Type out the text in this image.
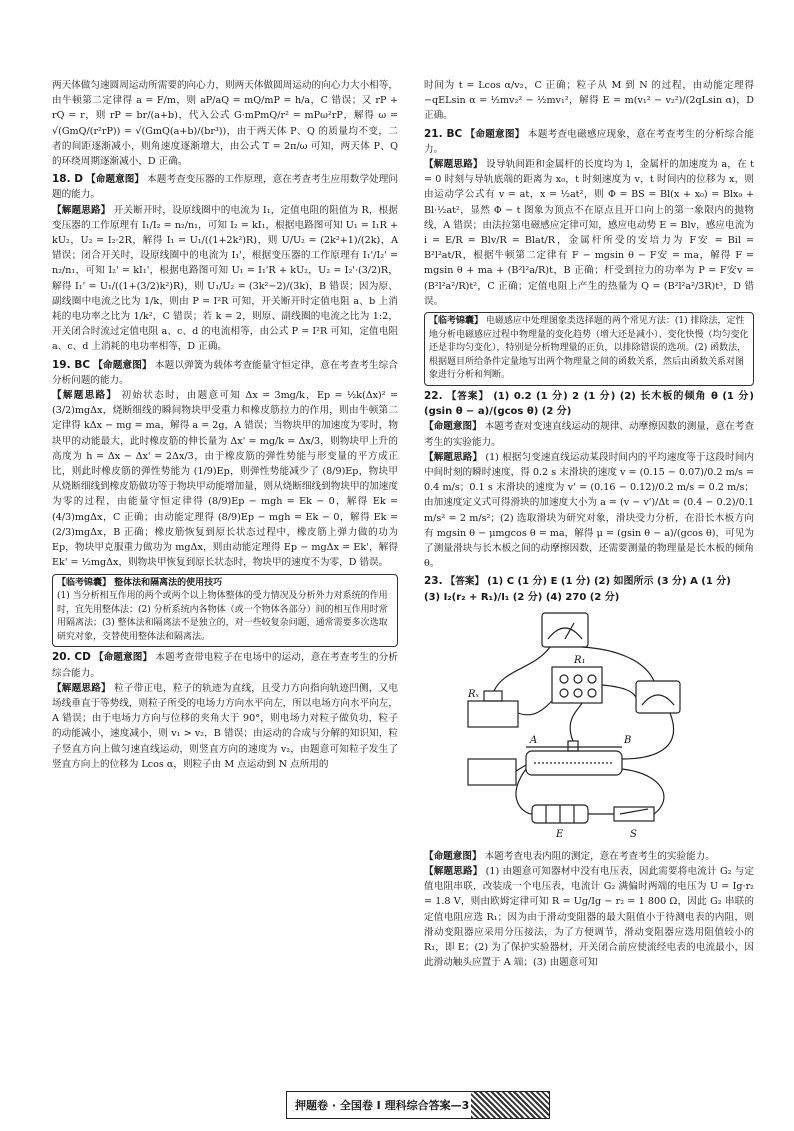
两天体做匀速圆周运动所需要的向心力，则两天体做圆周运动的向心力大小相等，由牛顿第二定律得 a = F/m，则 aP/aQ = mQ/mP = h/a，C 错误；又 rP + rQ = r，则 rP = br/(a+b)，代入公式 G·mPmQ/r² = mPω²rP，解得 ω = √(GmQ/(r²rP)) = √(GmQ(a+b)/(br³))，由于两天体 P、Q 的质量均不变，二者的间距逐渐减小，则角速度逐渐增大，由公式 T = 2π/ω 可知，两天体 P、Q 的环绕周期逐渐减小，D 正确。

18. D 【命题意图】 本题考查变压器的工作原理，意在考查考生应用数学处理问题的能力。

【解题思路】 开关断开时，设原线圈中的电流为 I₁，定值电阻的阻值为 R，根据变压器的工作原理有 I₁/I₂ = n₂/n₁，可知 I₂ = kI₁，根据电路图可知 U₁ = I₁R + kU₂，U₂ = I₂·2R，解得 I₁ = U₁/((1+2k²)R)，则 U/U₂ = (2k²+1)/(2k)，A 错误；闭合开关时，设原线圈中的电流为 I₁'，根据变压器的工作原理有 I₁'/I₂' = n₂/n₁，可知 I₂' = kI₁'，根据电路图可知 U₁ = I₁'R + kU₂，U₂ = I₂'·(3/2)R，解得 I₁' = U₁/((1+(3/2)k²)R)，则 U₁/U₂ = (3k²−2)/(3k)，B 错误；因为原、副线圈中电流之比为 1/k，则由 P = I²R 可知，开关断开时定值电阻 a、b 上消耗的电功率之比为 1/k²，C 错误；若 k = 2，则原、副线圈的电流之比为 1:2，开关闭合时流过定值电阻 a、c、d 的电流相等，由公式 P = I²R 可知，定值电阻 a、c、d 上消耗的电功率相等，D 正确。

19. BC 【命题意图】 本题以弹簧为载体考查能量守恒定律，意在考查考生综合分析问题的能力。

【解题思路】 初始状态时，由题意可知 Δx = 3mg/k，Ep = ½k(Δx)² = (3/2)mgΔx，烧断细线的瞬间物块甲受重力和橡皮筋拉力的作用，则由牛顿第二定律得 kΔx − mg = ma，解得 a = 2g，A 错误；当物块甲的加速度为零时，物块甲的动能最大，此时橡皮筋的伸长量为 Δx' = mg/k = Δx/3，则物块甲上升的高度为 h = Δx − Δx' = 2Δx/3，由于橡皮筋的弹性势能与形变量的平方成正比，则此时橡皮筋的弹性势能为 (1/9)Ep，则弹性势能减少了 (8/9)Ep，物块甲从烧断细线到橡皮筋做功等于物块甲动能增加量，则从烧断细线到物块甲的加速度为零的过程，由能量守恒定律得 (8/9)Ep − mgh = Ek − 0，解得 Ek = (4/3)mgΔx，C 正确；由动能定理得 (8/9)Ep − mgh = Ek − 0，解得 Ek = (2/3)mgΔx，B 正确；橡皮筋恢复到原长状态过程中，橡皮筋上弹力做的功为 Ep，物块甲克服重力做功为 mgΔx，则由动能定理得 Ep − mgΔx = Ek'，解得 Ek' = ½mgΔx，则物块甲恢复到原长状态时，物块甲的速度不为零，D 错误。

【临考锦囊】 整体法和隔离法的使用技巧
(1) 当分析相互作用的两个或两个以上物体整体的受力情况及分析外力对系统的作用时，宜先用整体法；(2) 分析系统内各物体（或一个物体各部分）间的相互作用时常用隔离法；(3) 整体法和隔离法不是独立的，对一些较复杂问题，通常需要多次选取研究对象，交替使用整体法和隔离法。

20. CD 【命题意图】 本题考查带电粒子在电场中的运动，意在考查考生的分析综合能力。

【解题思路】 粒子带正电，粒子的轨迹为直线，且受力方向指向轨迹凹侧，又电场线垂直于等势线，则粒子所受的电场力方向水平向左，所以电场方向水平向左，A 错误；由于电场力方向与位移的夹角大于 90°，则电场力对粒子做负功，粒子的动能减小，速度减小，则 v₁ > v₂，B 错误；由运动的合成与分解的知识知，粒子竖直方向上做匀速直线运动，则竖直方向的速度为 v₂，由题意可知粒子发生了竖直方向上的位移为 Lcos α，则粒子由 M 点运动到 N 点所用的

时间为 t = Lcos α/v₂，C 正确；粒子从 M 到 N 的过程，由动能定理得 −qELsin α = ½mv₂² − ½mv₁²，解得 E = m(v₁² − v₂²)/(2qLsin α)，D 正确。

21. BC 【命题意图】 本题考查电磁感应现象，意在考查考生的分析综合能力。

【解题思路】 设导轨间距和金属杆的长度均为 l，金属杆的加速度为 a，在 t = 0 时刻与导轨底端的距离为 x₀，t 时刻速度为 v，t 时间内的位移为 x，则由运动学公式有 v = at，x = ½at²，则 Φ = BS = Bl(x + x₀) = Blx₀ + Bl·½at²，显然 Φ − t 图象为顶点不在原点且开口向上的第一象限内的抛物线，A 错误；由法拉第电磁感应定律可知，感应电动势 E = Blv，感应电流为 i = E/R = Blv/R = Blat/R，金属杆所受的安培力为 F安 = Bil = B²l²at/R，根据牛顿第二定律有 F − mgsin θ − F安 = ma，解得 F = mgsin θ + ma + (B²l²a/R)t，B 正确；杆受到拉力的功率为 P = F安v = (B²l²a²/R)t²，C 正确；定值电阻上产生的热量为 Q = (B²l²a²/3R)t³，D 错误。

【临考锦囊】 电磁感应中处理图象类选择题的两个常见方法：(1) 排除法，定性地分析电磁感应过程中物理量的变化趋势（增大还是减小）、变化快慢（均匀变化还是非均匀变化），特别是分析物理量的正负，以排除错误的选项。(2) 函数法，根据题目所给条件定量地写出两个物理量之间的函数关系，然后由函数关系对图象进行分析和判断。

22. 【答案】 (1) 0.2 (1 分) 2 (1 分) (2) 长木板的倾角 θ (1 分) (gsin θ − a)/(gcos θ) (2 分)

【命题意图】 本题考查对变速直线运动的规律、动摩擦因数的测量，意在考查考生的实验能力。

【解题思路】 (1) 根据匀变速直线运动某段时间内的平均速度等于这段时间内中间时刻的瞬时速度，得 0.2 s 末滑块的速度 v = (0.15 − 0.07)/0.2 m/s = 0.4 m/s；0.1 s 末滑块的速度为 v' = (0.16 − 0.12)/0.2 m/s = 0.2 m/s；由加速度定义式可得滑块的加速度大小为 a = (v − v')/Δt = (0.4 − 0.2)/0.1 m/s² = 2 m/s²；(2) 选取滑块为研究对象，滑块受力分析，在沿长木板方向有 mgsin θ − μmgcos θ = ma，解得 μ = (gsin θ − a)/(gcos θ)，可见为了测量滑块与长木板之间的动摩擦因数，还需要测量的物理量是长木板的倾角 θ。

23. 【答案】 (1) C (1 分) E (1 分) (2) 如图所示 (3 分) A (1 分)

(3) I₂(r₂ + R₁)/I₁ (2 分) (4) 270 (2 分)

R₁
Rₓ
A	B
E	S

【命题意图】 本题考查电表内阻的测定，意在考查考生的实验能力。

【解题思路】 (1) 由题意可知器材中没有电压表，因此需要将电流计 G₂ 与定值电阻串联，改装成一个电压表，电流计 G₂ 满偏时两端的电压为 U = Ig·r₂ = 1.8 V，则由欧姆定律可知 R = Ug/Ig − r₂ = 1 800 Ω，因此 G₂ 串联的定值电阻应选 R₁；因为由于滑动变阻器的最大阻值小于待测电表的内阻，则滑动变阻器应采用分压接法，为了方便调节，滑动变阻器应选用阻值较小的 R₁，即 E；(2) 为了保护实验器材，开关闭合前应使流经电表的电流最小，因此滑动触头应置于 A 端；(3) 由题意可知

押题卷 · 全国卷 Ⅰ 理科综合答案—3
